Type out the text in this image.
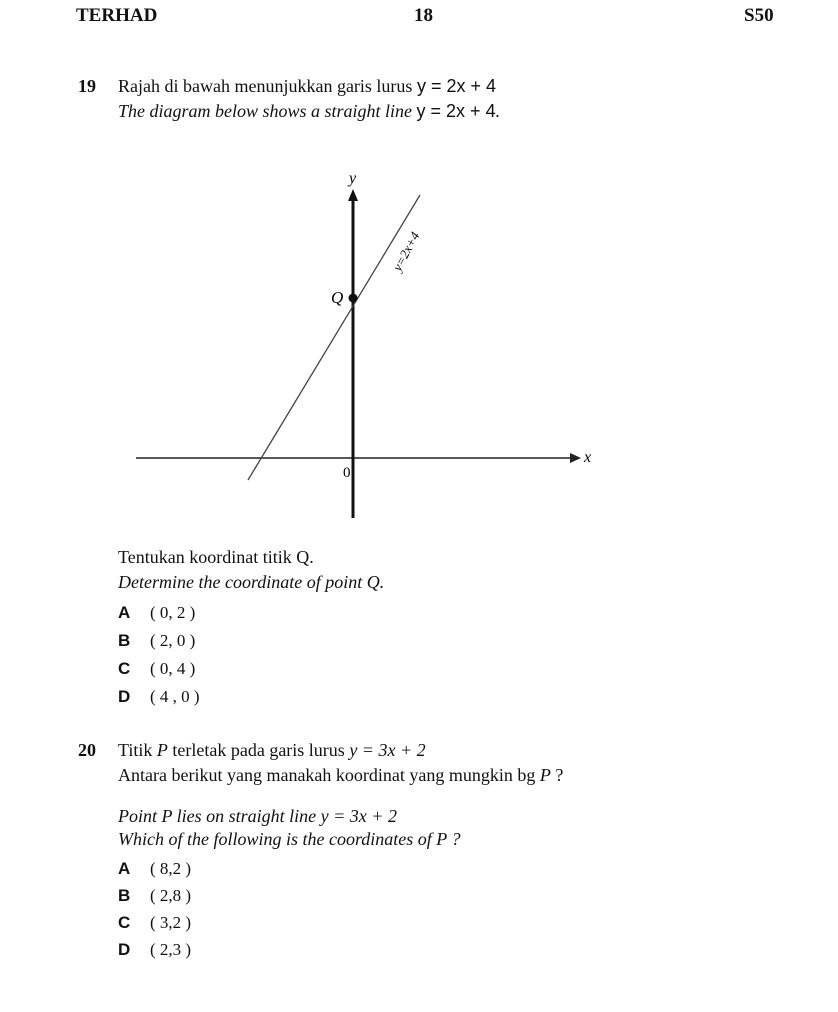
TERHAD	18	S50
19 Rajah di bawah menunjukkan garis lurus y = 2x + 4
The diagram below shows a straight line y = 2x + 4.
y
x
0
Q
y=2x+4
Tentukan koordinat titik Q.
Determine the coordinate of point Q.
A ( 0, 2 )
B ( 2, 0 )
C ( 0, 4 )
D ( 4 , 0 )
20 Titik P terletak pada garis lurus y = 3x + 2
Antara berikut yang manakah koordinat yang mungkin bg P ?
Point P lies on straight line y = 3x + 2
Which of the following is the coordinates of P ?
A ( 8,2 )
B ( 2,8 )
C ( 3,2 )
D ( 2,3 )
